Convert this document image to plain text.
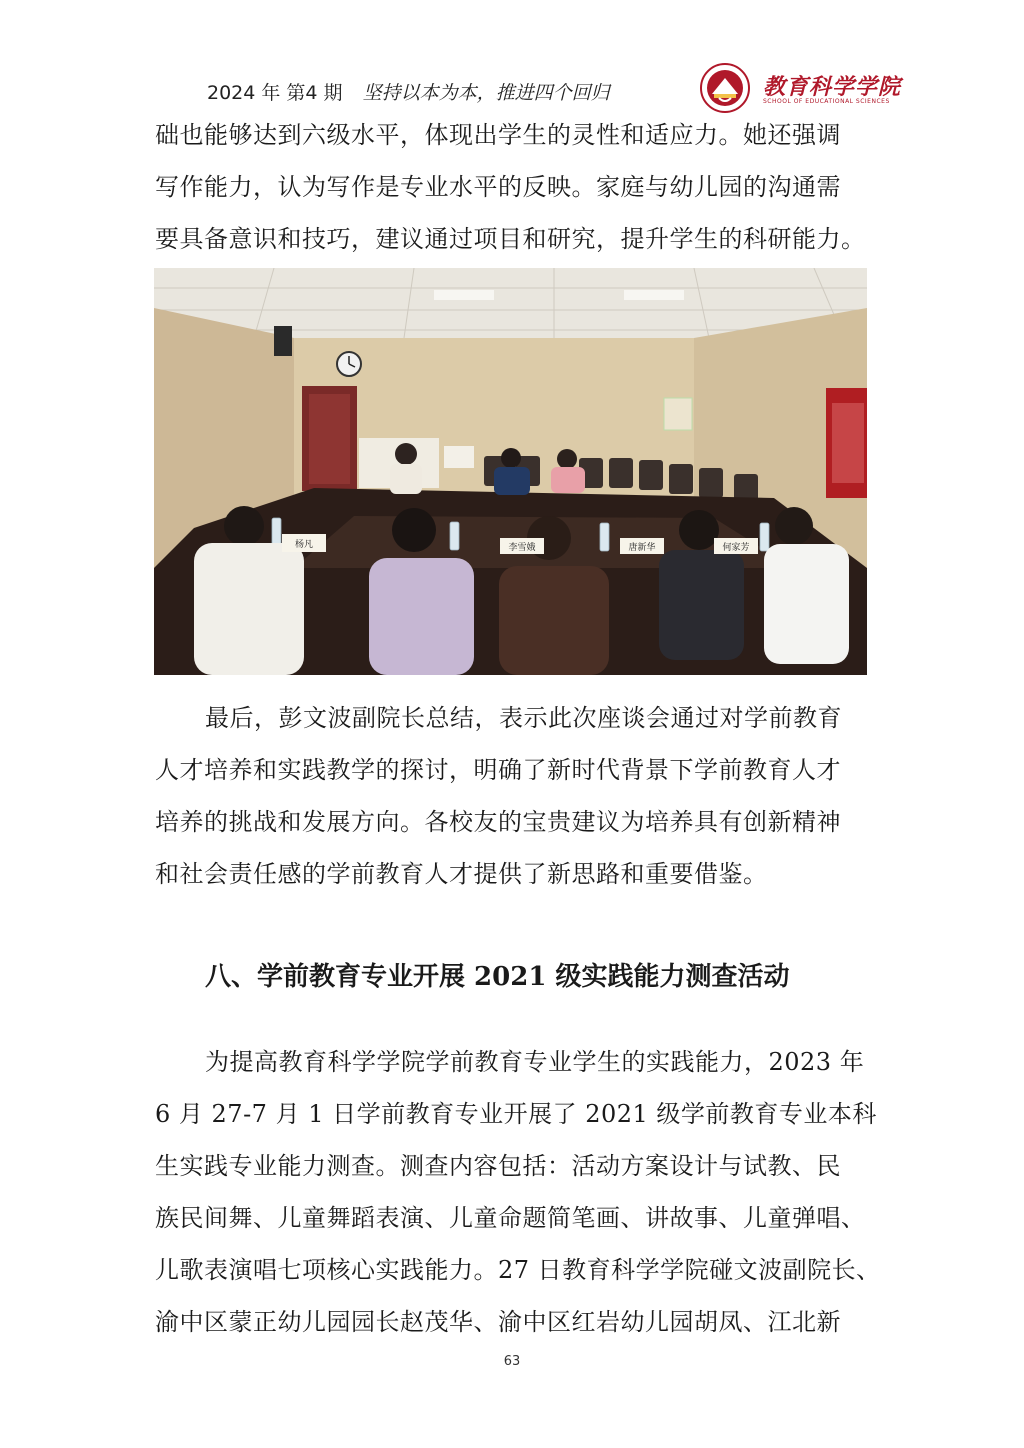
2024 年 第4 期 坚持以本为本，推进四个回归	教育科学学院
SCHOOL OF EDUCATIONAL SCIENCES
础也能够达到六级水平，体现出学生的灵性和适应力。她还强调
写作能力，认为写作是专业水平的反映。家庭与幼儿园的沟通需
要具备意识和技巧，建议通过项目和研究，提升学生的科研能力。
杨凡	李雪娥	唐新华	何家芳
最后，彭文波副院长总结，表示此次座谈会通过对学前教育
人才培养和实践教学的探讨，明确了新时代背景下学前教育人才
培养的挑战和发展方向。各校友的宝贵建议为培养具有创新精神
和社会责任感的学前教育人才提供了新思路和重要借鉴。
八、学前教育专业开展 2021 级实践能力测查活动
为提高教育科学学院学前教育专业学生的实践能力，2023 年
6 月 27-7 月 1 日学前教育专业开展了 2021 级学前教育专业本科
生实践专业能力测查。测查内容包括：活动方案设计与试教、民
族民间舞、儿童舞蹈表演、儿童命题简笔画、讲故事、儿童弹唱、
儿歌表演唱七项核心实践能力。27 日教育科学学院碰文波副院长、
渝中区蒙正幼儿园园长赵茂华、渝中区红岩幼儿园胡凤、江北新
63
